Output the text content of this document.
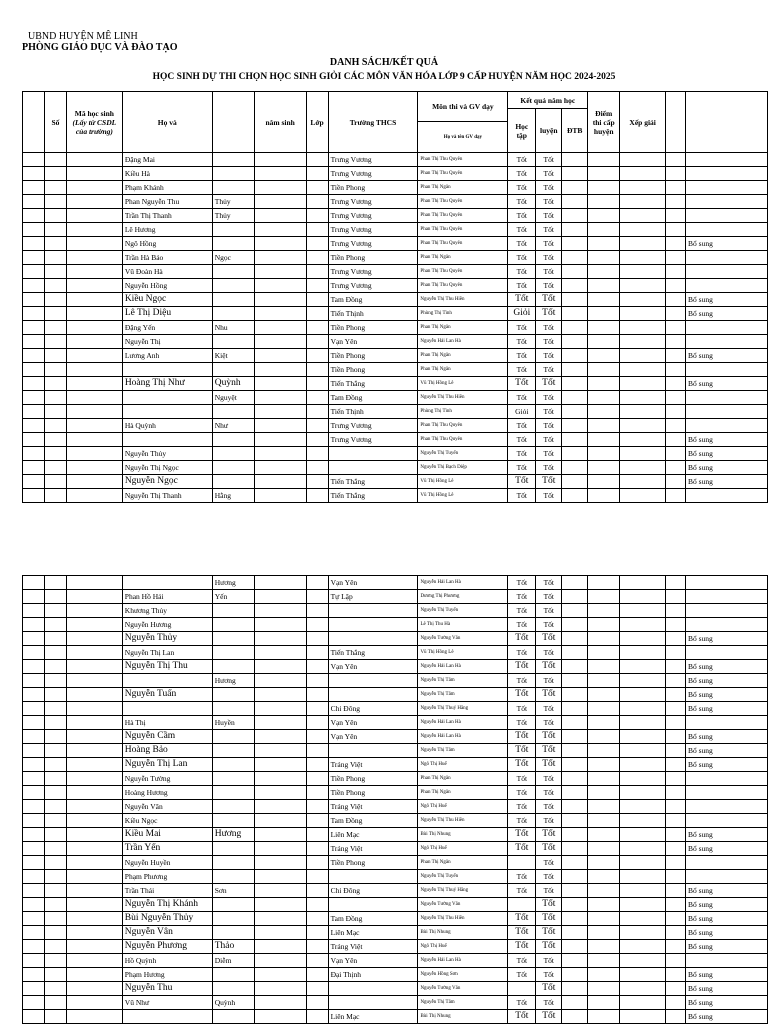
UBND HUYỆN MÊ LINH
PHÒNG GIÁO DỤC VÀ ĐÀO TẠO
DANH SÁCH/KẾT QUẢ
HỌC SINH DỰ THI CHỌN HỌC SINH GIỎI CÁC MÔN VĂN HÓA LỚP 9 CẤP HUYỆN NĂM HỌC 2024-2025
	Số	Mã học sinh
(Lấy từ CSDL của trường)	Họ và		năm sinh	Lớp	Trường THCS	Môn thi và GV dạy	Kết quả năm học			Điểm thi cấp huyện	Xếp giải		
									Học tập	luyện	ĐTB				
								Họ và tên GV dạy							
			Đặng Mai				Trưng Vương	Phan Thị Thu Quyên	Tốt	Tốt					
			Kiều Hà				Trưng Vương	Phan Thị Thu Quyên	Tốt	Tốt					
			Phạm Khánh				Tiền Phong	Phan Thị Ngân	Tốt	Tốt					
			Phan Nguyễn Thu	Thủy			Trưng Vương	Phan Thị Thu Quyên	Tốt	Tốt					
			Trần Thị Thanh	Thủy			Trưng Vương	Phan Thị Thu Quyên	Tốt	Tốt					
			Lê Hương				Trưng Vương	Phan Thị Thu Quyên	Tốt	Tốt					
			Ngô Hồng				Trưng Vương	Phan Thị Thu Quyên	Tốt	Tốt					Bổ sung
			Trần Hà Bảo	Ngọc			Tiền Phong	Phan Thị Ngân	Tốt	Tốt					
			Vũ Đoàn Hà				Trưng Vương	Phan Thị Thu Quyên	Tốt	Tốt					
			Nguyễn Hồng				Trưng Vương	Phan Thị Thu Quyên	Tốt	Tốt					
			Kiều Ngọc				Tam Đồng	Nguyễn Thị Thu Hiền	Tốt	Tốt					Bổ sung
			Lê Thị Diệu				Tiến Thịnh	Phùng Thị Tình	Giỏi	Tốt					Bổ sung
			Đặng Yến	Nhu			Tiền Phong	Phan Thị Ngân	Tốt	Tốt					
			Nguyễn Thị				Vạn Yên	Nguyễn Hải Lan Hà	Tốt	Tốt					
			Lương Anh	Kiệt			Tiền Phong	Phan Thị Ngân	Tốt	Tốt					Bổ sung
							Tiền Phong	Phan Thị Ngân	Tốt	Tốt					
			Hoàng Thị Như	Quỳnh			Tiến Thắng	Vũ Thị Hồng Lê	Tốt	Tốt					Bổ sung
				Nguyệt			Tam Đồng	Nguyễn Thị Thu Hiền	Tốt	Tốt					
							Tiến Thịnh	Phùng Thị Tình	Giỏi	Tốt					
			Hà Quỳnh	Như			Trưng Vương	Phan Thị Thu Quyên	Tốt	Tốt					
							Trưng Vương	Phan Thị Thu Quyên	Tốt	Tốt					Bổ sung
			Nguyễn Thủy					Nguyễn Thị Tuyến	Tốt	Tốt					Bổ sung
			Nguyễn Thị Ngọc					Nguyễn Thị Bạch Diệp	Tốt	Tốt					Bổ sung
			Nguyễn Ngọc				Tiến Thắng	Vũ Thị Hồng Lê	Tốt	Tốt					Bổ sung
			Nguyễn Thị Thanh	Hằng			Tiến Thắng	Vũ Thị Hồng Lê	Tốt	Tốt					
				Hương			Vạn Yên	Nguyễn Hải Lan Hà	Tốt	Tốt					
			Phan Hồ Hải	Yến			Tự Lập	Dương Thị Phương	Tốt	Tốt					
			Khương Thủy					Nguyễn Thị Tuyến	Tốt	Tốt					
			Nguyễn Hương					Lê Thị Thu Hà	Tốt	Tốt					
			Nguyễn Thủy					Nguyễn Tường Vân	Tốt	Tốt					Bổ sung
			Nguyễn Thị Lan				Tiến Thắng	Vũ Thị Hồng Lê	Tốt	Tốt					
			Nguyễn Thị Thu				Vạn Yên	Nguyễn Hải Lan Hà	Tốt	Tốt					Bổ sung
				Hương				Nguyễn Thị Tâm	Tốt	Tốt					Bổ sung
			Nguyễn Tuấn					Nguyễn Thị Tâm	Tốt	Tốt					Bổ sung
							Chi Đông	Nguyễn Thị Thuý Hằng	Tốt	Tốt					Bổ sung
			Hà Thị	Huyền			Vạn Yên	Nguyễn Hải Lan Hà	Tốt	Tốt					
			Nguyễn Cầm				Vạn Yên	Nguyễn Hải Lan Hà	Tốt	Tốt					Bổ sung
			Hoàng Bảo					Nguyễn Thị Tâm	Tốt	Tốt					Bổ sung
			Nguyễn Thị Lan				Tráng Việt	Ngô Thị Huế	Tốt	Tốt					Bổ sung
			Nguyễn Tường				Tiền Phong	Phan Thị Ngân	Tốt	Tốt					
			Hoàng Hương				Tiền Phong	Phan Thị Ngân	Tốt	Tốt					
			Nguyễn Vân				Tráng Việt	Ngô Thị Huế	Tốt	Tốt					
			Kiều Ngọc				Tam Đồng	Nguyễn Thị Thu Hiền	Tốt	Tốt					
			Kiều Mai	Hương			Liên Mạc	Bùi Thị Nhung	Tốt	Tốt					Bổ sung
			Trần Yến				Tráng Việt	Ngô Thị Huế	Tốt	Tốt					Bổ sung
			Nguyễn Huyền				Tiền Phong	Phan Thị Ngân		Tốt					
			Phạm Phương					Nguyễn Thị Tuyến	Tốt	Tốt					
			Trần Thái	Sơn			Chi Đông	Nguyễn Thị Thuý Hằng	Tốt	Tốt					Bổ sung
			Nguyễn Thị Khánh					Nguyễn Tường Vân		Tốt					Bổ sung
			Bùi Nguyễn Thủy				Tam Đồng	Nguyễn Thị Thu Hiền	Tốt	Tốt					Bổ sung
			Nguyễn Vân				Liên Mạc	Bùi Thị Nhung	Tốt	Tốt					Bổ sung
			Nguyễn Phương	Thảo			Tráng Việt	Ngô Thị Huế	Tốt	Tốt					Bổ sung
			Hồ Quỳnh	Diễm			Vạn Yên	Nguyễn Hải Lan Hà	Tốt	Tốt					
			Phạm Hương				Đại Thịnh	Nguyễn Hồng Sơn	Tốt	Tốt					Bổ sung
			Nguyễn Thu					Nguyễn Tường Vân		Tốt					Bổ sung
			Vũ Như	Quỳnh				Nguyễn Thị Tâm	Tốt	Tốt					Bổ sung
							Liên Mạc	Bùi Thị Nhung	Tốt	Tốt					Bổ sung
